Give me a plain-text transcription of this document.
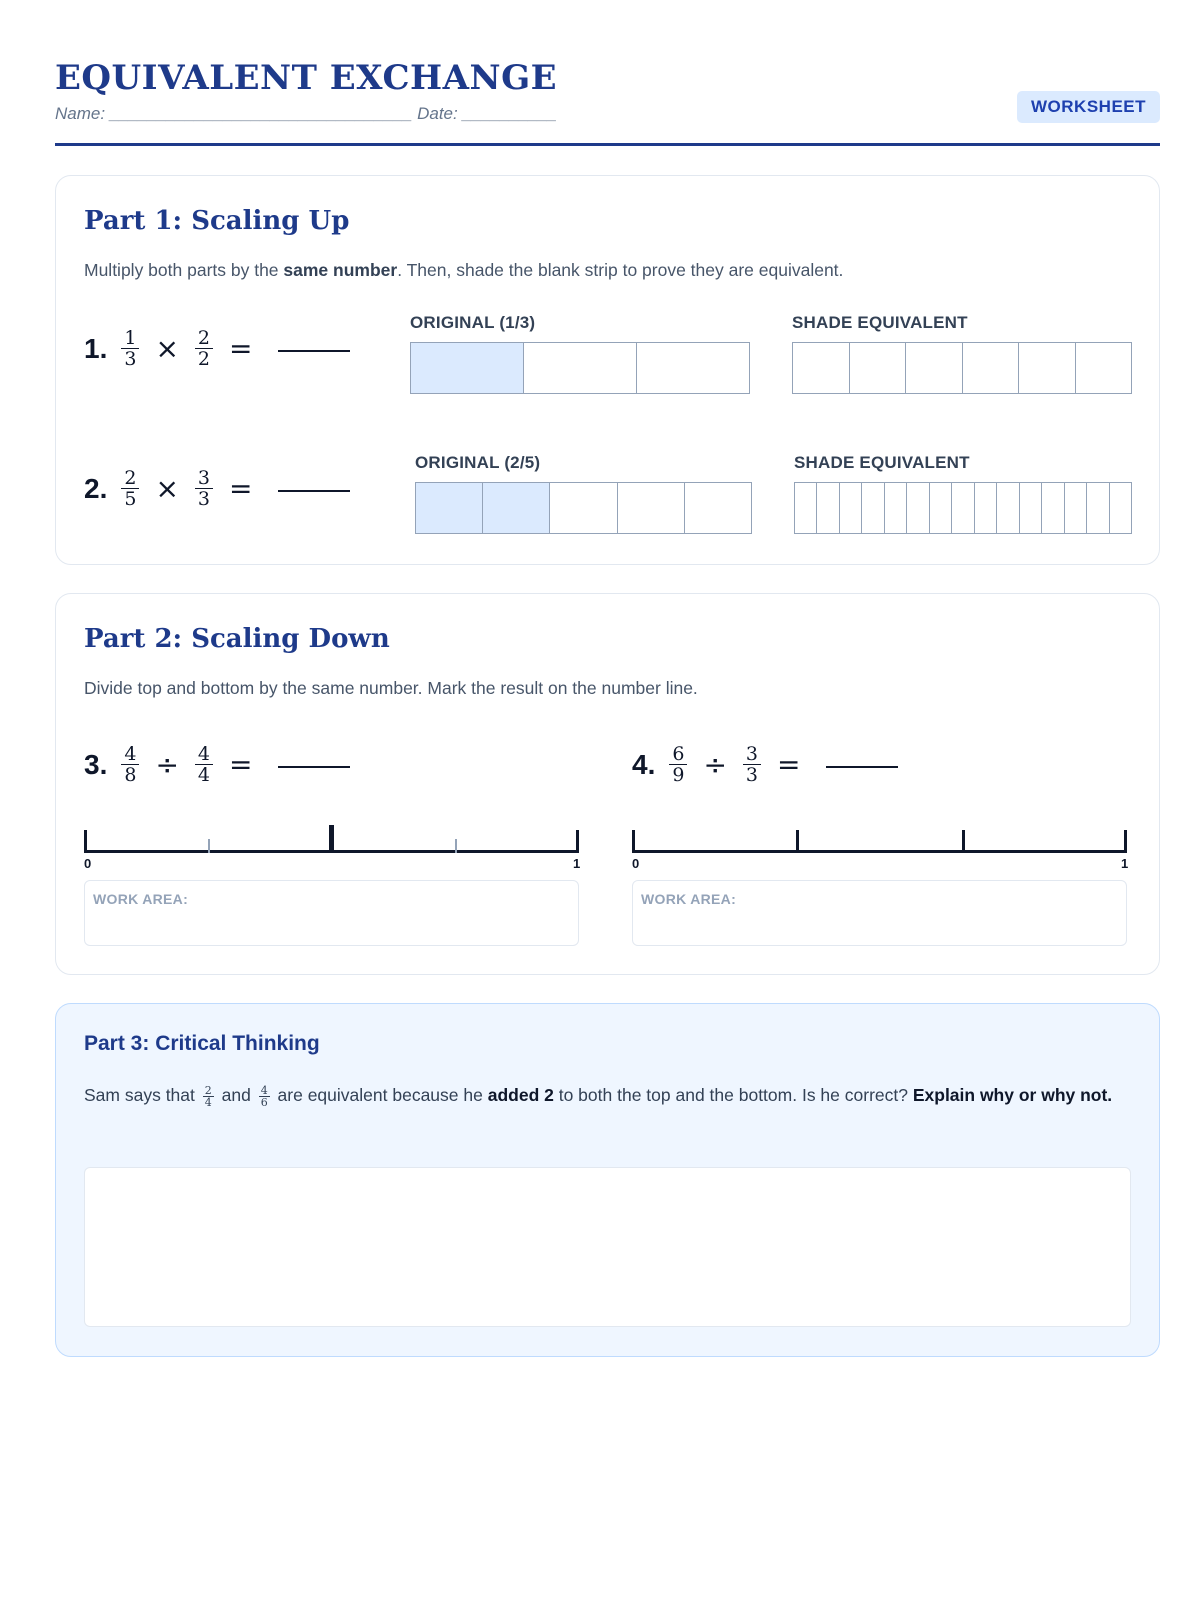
EQUIVALENT EXCHANGE
Name: ________________________________ Date: __________	WORKSHEET
Part 1: Scaling Up
Multiply both parts by the same number. Then, shade the blank strip to prove they are equivalent.
1. $\frac{1}{3} \times \frac{2}{2}$ =
ORIGINAL (1/3)	SHADE EQUIVALENT
2. $\frac{2}{5} \times \frac{3}{3}$ =
ORIGINAL (2/5)	SHADE EQUIVALENT
Part 2: Scaling Down
Divide top and bottom by the same number. Mark the result on the number line.
3. $\frac{4}{8} \div \frac{4}{4}$ =
0	1
WORK AREA:
4. $\frac{6}{9} \div \frac{3}{3}$ =
0	1
WORK AREA:
Part 3: Critical Thinking
Sam says that $\frac{2}{4}$ and $\frac{4}{6}$ are equivalent because he added 2 to both the top and the bottom. Is he correct? Explain why or why not.
